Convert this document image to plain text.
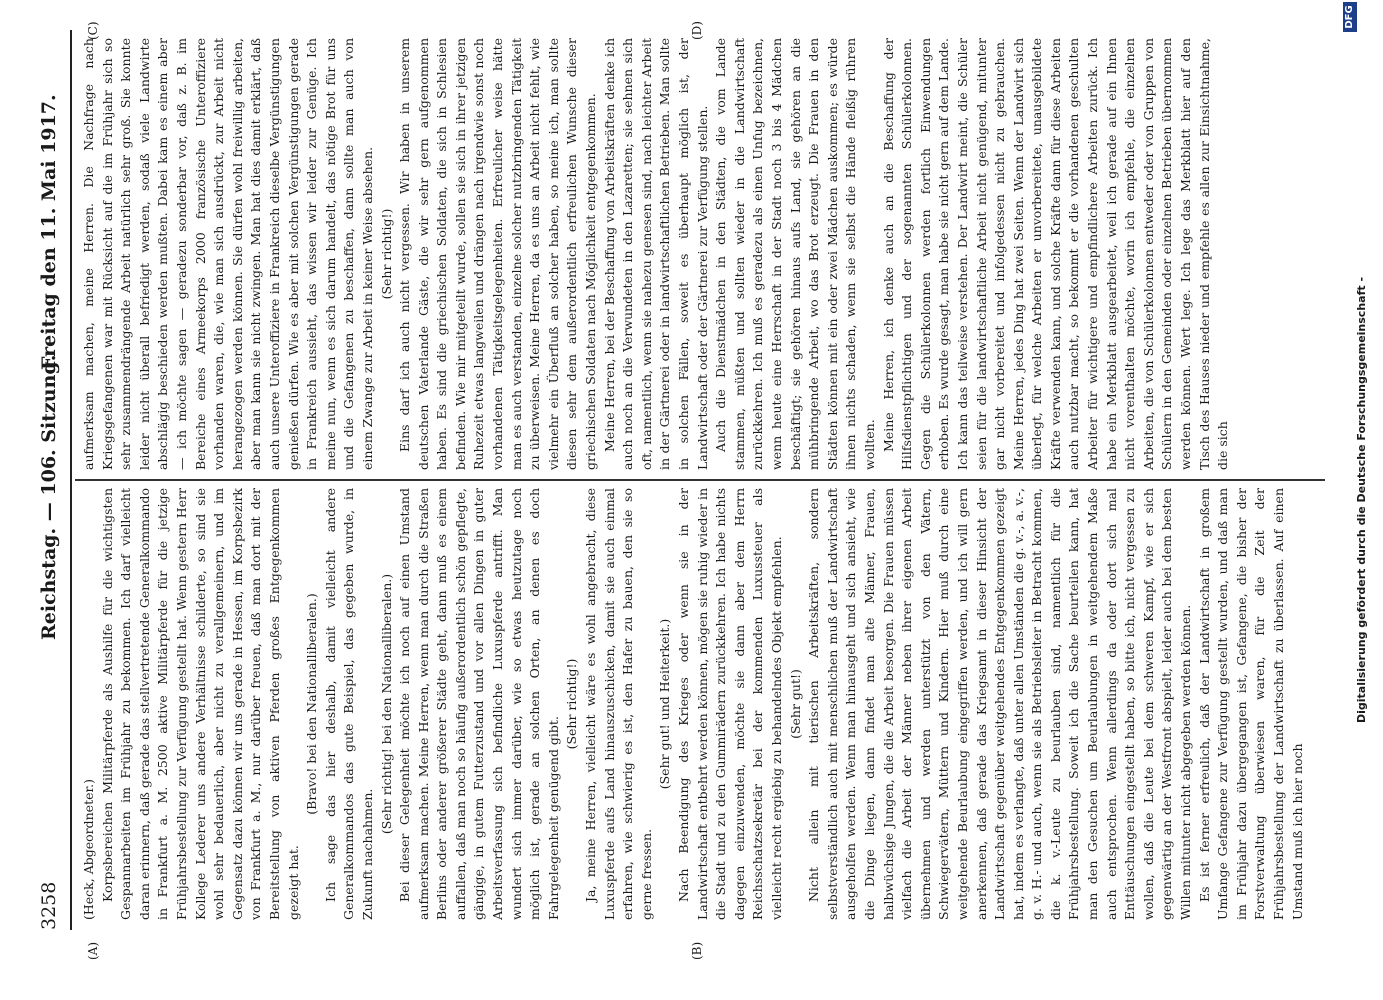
3258
Reichstag. — 106. Sitzung.
Freitag den 11. Mai 1917.
(A)	(B)
(C)	(D)

(Heck, Abgeordneter.) Korpsbereichen Militärpferde als Aushilfe für die wichtigsten Gespannarbeiten im Frühjahr zu bekommen. Ich darf vielleicht daran erinnern, daß gerade das stellvertretende Generalkommando in Frankfurt a. M. 2500 aktive Militärpferde für die jetzige Frühjahrsbestellung zur Verfügung gestellt hat. Wenn gestern Herr Kollege Lederer uns andere Verhältnisse schilderte, so sind sie wohl sehr bedauerlich, aber nicht zu verallgemeinern, und im Gegensatz dazu können wir uns gerade in Hessen, im Korpsbezirk von Frankfurt a. M., nur darüber freuen, daß man dort mit der Bereitstellung von aktiven Pferden großes Entgegenkommen gezeigt hat.

(Bravo! bei den Nationalliberalen.) Ich sage das hier deshalb, damit vielleicht andere Generalkommandos das gute Beispiel, das gegeben wurde, in Zukunft nachahmen.

(Sehr richtig! bei den Nationalliberalen.) Bei dieser Gelegenheit möchte ich noch auf einen Umstand aufmerksam machen. Meine Herren, wenn man durch die Straßen Berlins oder anderer größerer Städte geht, dann muß es einem auffallen, daß man noch so häufig außerordentlich schön gepflegte, gängige, in gutem Futterzustand und vor allen Dingen in guter Arbeitsverfassung sich befindliche Luxuspferde antrifft. Man wundert sich immer darüber, wie so etwas heutzutage noch möglich ist, gerade an solchen Orten, an denen es doch Fahrgelegenheit genügend gibt.

(Sehr richtig!) Ja, meine Herren, vielleicht wäre es wohl angebracht, diese Luxuspferde aufs Land hinauszuschicken, damit sie auch einmal erfahren, wie schwierig es ist, den Hafer zu bauen, den sie so gerne fressen.

(Sehr gut! und Heiterkeit.) Nach Beendigung des Krieges oder wenn sie in der Landwirtschaft entbehrt werden können, mögen sie ruhig wieder in die Stadt und zu den Gummirädern zurückkehren. Ich habe nichts dagegen einzuwenden, möchte sie dann aber dem Herrn Reichsschatzsekretär bei der kommenden Luxussteuer als vielleicht recht ergiebig zu behandelndes Objekt empfehlen. (Sehr gut!) Nicht allein mit tierischen Arbeitskräften, sondern selbstverständlich auch mit menschlichen muß der Landwirtschaft ausgeholfen werden. Wenn man hinausgeht und sich ansieht, wie die Dinge liegen, dann findet man alte Männer, Frauen, halbwüchsige Jungen, die die Arbeit besorgen. Die Frauen müssen vielfach die Arbeit der Männer neben ihrer eigenen Arbeit übernehmen und werden unterstützt von den Vätern, Schwiegervätern, Müttern und Kindern. Hier muß durch eine weitgehende Beurlaubung eingegriffen werden, und ich will gern anerkennen, daß gerade das Kriegsamt in dieser Hinsicht der Landwirtschaft gegenüber weitgehendes Entgegenkommen gezeigt hat, indem es verlangte, daß unter allen Umständen die g. v.-, a. v.-, g. v. H.- und auch, wenn sie als Betriebsleiter in Betracht kommen, die k. v.-Leute zu beurlauben sind, namentlich für die Frühjahrsbestellung. Soweit ich die Sache beurteilen kann, hat man den Gesuchen um Beurlaubungen in weitgehendem Maße auch entsprochen. Wenn allerdings da oder dort sich mal Enttäuschungen eingestellt haben, so bitte ich, nicht vergessen zu wollen, daß die Leute bei dem schweren Kampf, wie er sich gegenwärtig an der Westfront abspielt, leider auch bei dem besten Willen mitunter nicht abgegeben werden können. Es ist ferner erfreulich, daß der Landwirtschaft in großem Umfange Gefangene zur Verfügung gestellt wurden, und daß man im Frühjahr dazu übergegangen ist, Gefangene, die bisher der Forstverwaltung überwiesen waren, für die Zeit der Frühjahrsbestellung der Landwirtschaft zu überlassen. Auf einen Umstand muß ich hier noch

aufmerksam machen, meine Herren. Die Nachfrage nach Kriegsgefangenen war mit Rücksicht auf die im Frühjahr sich so sehr zusammendrängende Arbeit natürlich sehr groß. Sie konnte leider nicht überall befriedigt werden, sodaß viele Landwirte abschlägig beschieden werden mußten. Dabei kam es einem aber — ich möchte sagen — geradezu sonderbar vor, daß z. B. im Bereiche eines Armeekorps 2000 französische Unteroffiziere vorhanden waren, die, wie man sich ausdrückt, zur Arbeit nicht herangezogen werden können. Sie dürfen wohl freiwillig arbeiten, aber man kann sie nicht zwingen. Man hat dies damit erklärt, daß auch unsere Unteroffiziere in Frankreich dieselbe Vergünstigungen genießen dürfen. Wie es aber mit solchen Vergünstigungen gerade in Frankreich aussieht, das wissen wir leider zur Genüge. Ich meine nun, wenn es sich darum handelt, das nötige Brot für uns und die Gefangenen zu beschaffen, dann sollte man auch von einem Zwange zur Arbeit in keiner Weise absehen. (Sehr richtig!) Eins darf ich auch nicht vergessen. Wir haben in unserem deutschen Vaterlande Gäste, die wir sehr gern aufgenommen haben. Es sind die griechischen Soldaten, die sich in Schlesien befinden. Wie mir mitgeteilt wurde, sollen sie sich in ihrer jetzigen Ruhezeit etwas langweilen und drängen nach irgendwie sonst noch vorhandenen Tätigkeitsgelegenheiten. Erfreulicher weise hätte man es auch verstanden, einzelne solcher nutzbringenden Tätigkeit zu überweisen. Meine Herren, da es uns an Arbeit nicht fehlt, wie vielmehr ein Überfluß an solcher haben, so meine ich, man sollte diesen sehr dem außerordentlich erfreulichen Wunsche dieser griechischen Soldaten nach Möglichkeit entgegenkommen. Meine Herren, bei der Beschaffung von Arbeitskräften denke ich auch noch an die Verwundeten in den Lazaretten; sie sehnen sich oft, namentlich, wenn sie nahezu genesen sind, nach leichter Arbeit in der Gärtnerei oder in landwirtschaftlichen Betrieben. Man sollte in solchen Fällen, soweit es überhaupt möglich ist, der Landwirtschaft oder der Gärtnerei zur Verfügung stellen. Auch die Dienstmädchen in den Städten, die vom Lande stammen, müßten und sollten wieder in die Landwirtschaft zurückkehren. Ich muß es geradezu als einen Unfug bezeichnen, wenn heute eine Herrschaft in der Stadt noch 3 bis 4 Mädchen beschäftigt; sie gehören hinaus aufs Land, sie gehören an die mühbringende Arbeit, wo das Brot erzeugt. Die Frauen in den Städten können mit ein oder zwei Mädchen auskommen; es würde ihnen nichts schaden, wenn sie selbst die Hände fleißig rühren wollten. Meine Herren, ich denke auch an die Beschaffung der Hilfsdienstpflichtigen und der sogenannten Schülerkolonnen. Gegen die Schülerkolonnen werden fortlich Einwendungen erhoben. Es wurde gesagt, man habe sie nicht gern auf dem Lande. Ich kann das teilweise verstehen. Der Landwirt meint, die Schüler seien für die landwirtschaftliche Arbeit nicht genügend, mitunter gar nicht vorbereitet und infolgedessen nicht zu gebrauchen. Meine Herren, jedes Ding hat zwei Seiten. Wenn der Landwirt sich überlegt, für welche Arbeiten er unvorbereitete, unausgebildete Kräfte verwenden kann, und solche Kräfte dann für diese Arbeiten auch nutzbar macht, so bekommt er die vorhandenen geschulten Arbeiter für wichtigere und empfindlichere Arbeiten zurück. Ich habe ein Merkblatt ausgearbeitet, weil ich gerade auf ein Ihnen nicht vorenthalten möchte, worin ich empfehle, die einzelnen Arbeiten, die von Schülerkolonnen entweder oder von Gruppen von Schülern in den Gemeinden oder einzelnen Betrieben übernommen werden können. Wert lege. Ich lege das Merkblatt hier auf den Tisch des Hauses nieder und empfehle es allen zur Einsichtnahme, die sich	Digitalisierung gefördert durch die Deutsche Forschungsgemeinschaft -
DFG
